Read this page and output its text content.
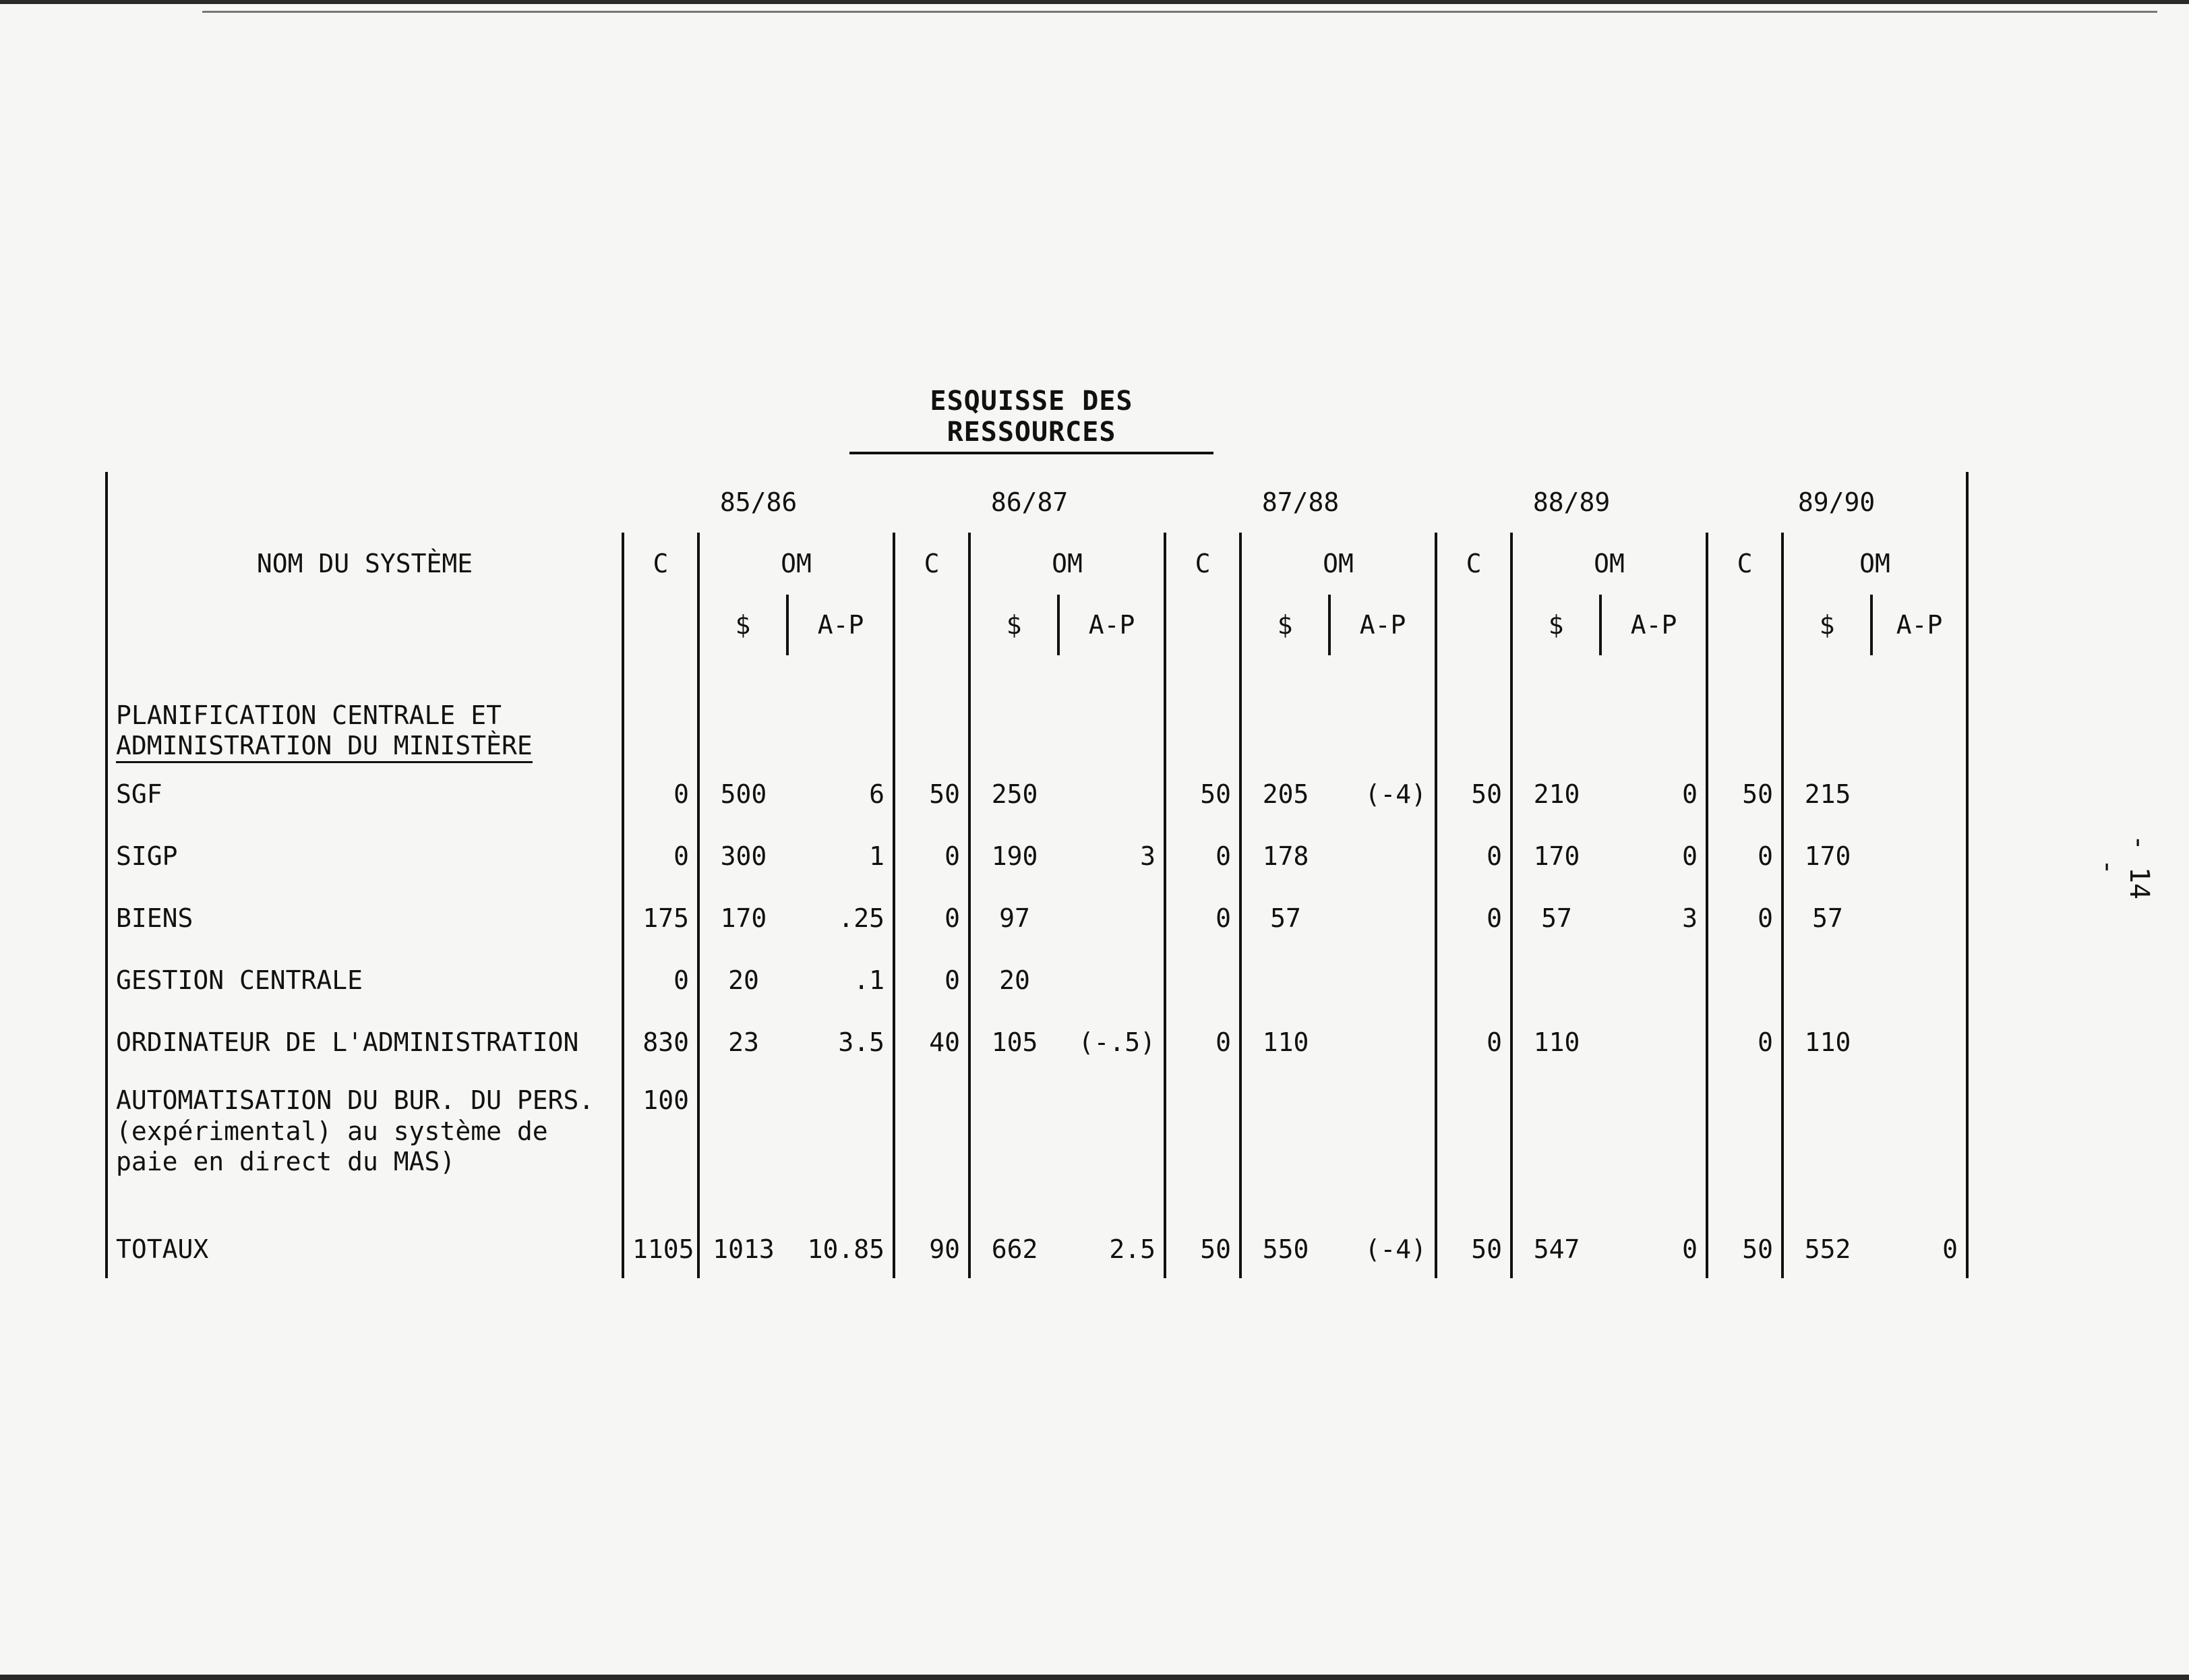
ESQUISSE DES RESSOURCES
- 14 -
	85/86			86/87			87/88			88/89			89/90		
NOM DU SYSTÈME	C	OM		C	OM		C	OM		C	OM		C	OM	
		$	A-P		$	A-P		$	A-P		$	A-P		$	A-P

PLANIFICATION CENTRALE ET
ADMINISTRATION DU MINISTÈRE															
SGF	0	500	6	50	250		50	205	(-4)	50	210	0	50	215	
SIGP	0	300	1	0	190	3	0	178		0	170	0	0	170	
BIENS	175	170	.25	0	97		0	57		0	57	3	0	57	
GESTION CENTRALE	0	20	.1	0	20										
ORDINATEUR DE L'ADMINISTRATION	830	23	3.5	40	105	(-.5)	0	110		0	110		0	110	

AUTOMATISATION DU BUR. DU PERS.
(expérimental) au système de
paie en direct du MAS)	100														
TOTAUX	1105	1013	10.85	90	662	2.5	50	550	(-4)	50	547	0	50	552	0
